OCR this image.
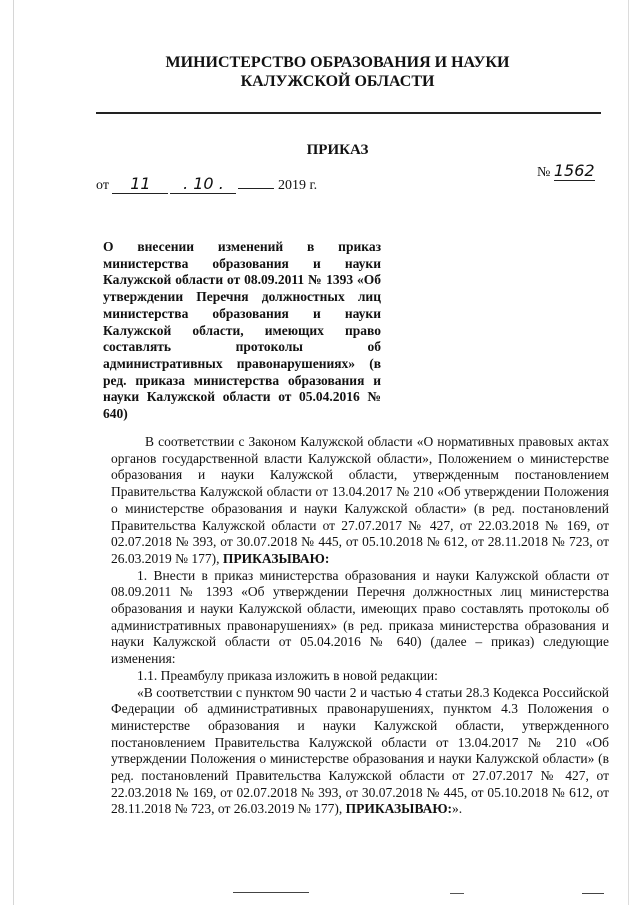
МИНИСТЕРСТВО ОБРАЗОВАНИЯ И НАУКИ
КАЛУЖСКОЙ ОБЛАСТИ
ПРИКАЗ
от 11 . 10 .	2019 г.
№ 1562
О внесении изменений в приказ министерства образования и науки Калужской области от 08.09.2011 № 1393 «Об утверждении Перечня должностных лиц министерства образования и науки Калужской области, имеющих право составлять протоколы об административных правонарушениях» (в ред. приказа министерства образования и науки Калужской области от 05.04.2016 № 640)

В соответствии с Законом Калужской области «О нормативных правовых актах органов государственной власти Калужской области», Положением о министерстве образования и науки Калужской области, утвержденным постановлением Правительства Калужской области от 13.04.2017 № 210 «Об утверждении Положения о министерстве образования и науки Калужской области» (в ред. постановлений Правительства Калужской области от 27.07.2017 № 427, от 22.03.2018 № 169, от 02.07.2018 № 393, от 30.07.2018 № 445, от 05.10.2018 № 612, от 28.11.2018 № 723, от 26.03.2019 № 177), ПРИКАЗЫВАЮ:

1. Внести в приказ министерства образования и науки Калужской области от 08.09.2011 № 1393 «Об утверждении Перечня должностных лиц министерства образования и науки Калужской области, имеющих право составлять протоколы об административных правонарушениях» (в ред. приказа министерства образования и науки Калужской области от 05.04.2016 № 640) (далее – приказ) следующие изменения:

1.1. Преамбулу приказа изложить в новой редакции:

«В соответствии с пунктом 90 части 2 и частью 4 статьи 28.3 Кодекса Российской Федерации об административных правонарушениях, пунктом 4.3 Положения о министерстве образования и науки Калужской области, утвержденного постановлением Правительства Калужской области от 13.04.2017 № 210 «Об утверждении Положения о министерстве образования и науки Калужской области» (в ред. постановлений Правительства Калужской области от 27.07.2017 № 427, от 22.03.2018 № 169, от 02.07.2018 № 393, от 30.07.2018 № 445, от 05.10.2018 № 612, от 28.11.2018 № 723, от 26.03.2019 № 177), ПРИКАЗЫВАЮ:».
